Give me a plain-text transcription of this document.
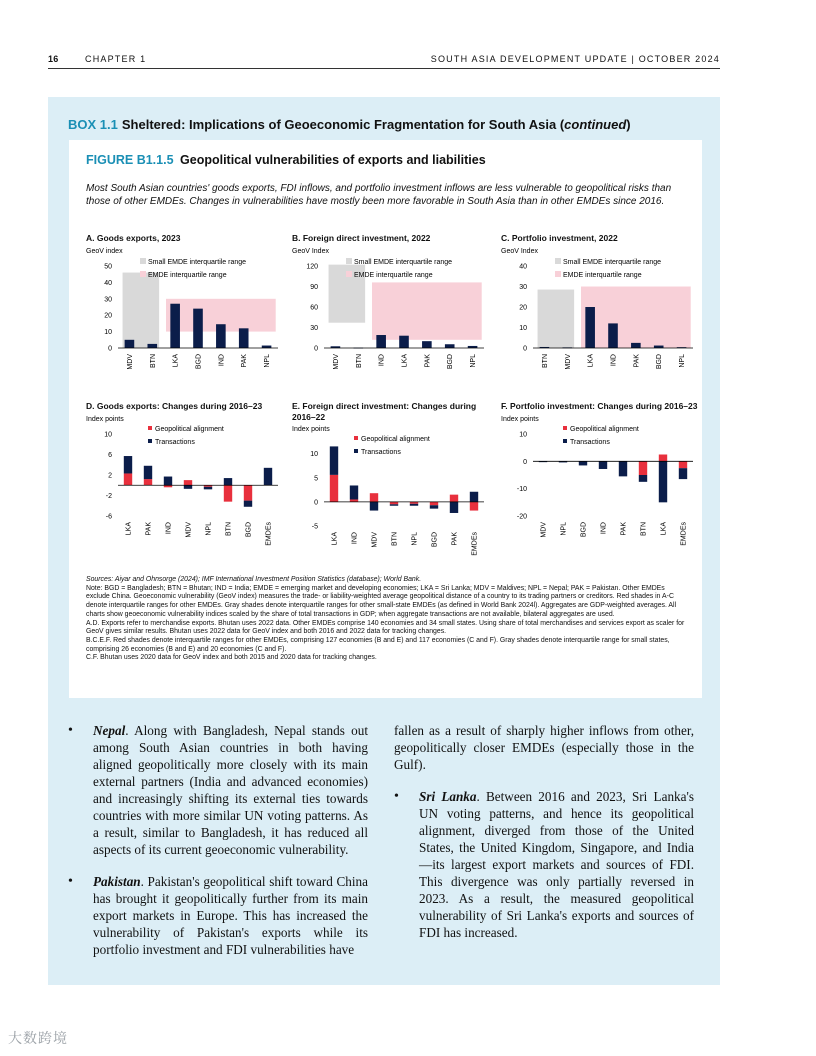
16	CHAPTER 1	SOUTH ASIA DEVELOPMENT UPDATE | OCTOBER 2024
BOX 1.1 Sheltered: Implications of Geoeconomic Fragmentation for South Asia (continued)
FIGURE B1.1.5 Geopolitical vulnerabilities of exports and liabilities
Most South Asian countries' goods exports, FDI inflows, and portfolio investment inflows are less vulnerable to geopolitical risks than those of other EMDEs. Changes in vulnerabilities have mostly been more favorable in South Asia than in other EMDEs since 2016.
A. Goods exports, 2023
GeoV index
0
10
20
30
40
50
Small EMDE interquartile range
EMDE interquartile range
MDV BTN LKA BGD IND PAK NPL
B. Foreign direct investment, 2022
GeoV Index
0
30
60
90
120
Small EMDE interquartile range
EMDE interquartile range
MDV BTN IND LKA PAK BGD NPL
C. Portfolio investment, 2022
GeoV Index
0
10
20
30
40
Small EMDE interquartile range
EMDE interquartile range
BTN MDV LKA IND PAK BGD NPL
D. Goods exports: Changes during 2016–23
Index points
-6
-2
2
6
10
Geopolitical alignment
Transactions
LKA PAK IND MDV NPL BTN BGD EMDEs
E. Foreign direct investment: Changes during 2016–22
Index points
-5
0
5
10
Geopolitical alignment
Transactions
LKA IND MDV BTN NPL BGD PAK EMDEs
F. Portfolio investment: Changes during 2016–23
Index points
-20
-10
0
10
Geopolitical alignment
Transactions
MDV NPL BGD IND PAK BTN LKA EMDEs

Sources: Aiyar and Ohnsorge (2024); IMF International Investment Position Statistics (database); World Bank.

Note: BGD = Bangladesh; BTN = Bhutan; IND = India; EMDE = emerging market and developing economies; LKA = Sri Lanka; MDV = Maldives; NPL = Nepal; PAK = Pakistan. Other EMDEs exclude China. Geoeconomic vulnerability (GeoV index) measures the trade- or liability-weighted average geopolitical distance of a country to its trading partners or creditors. Red shades in A-C denote interquartile ranges for other EMDEs. Gray shades denote interquartile ranges for other small-state EMDEs (as defined in World Bank 2024l). Aggregates are GDP-weighted averages. All charts show geoeconomic vulnerability indices scaled by the share of total transactions in GDP; when aggregate transactions are not available, bilateral aggregates are used.

A.D. Exports refer to merchandise exports. Bhutan uses 2022 data. Other EMDEs comprise 140 economies and 34 small states. Using share of total merchandises and services export as scaler for GeoV gives similar results. Bhutan uses 2022 data for GeoV index and both 2016 and 2022 data for tracking changes.

B.C.E.F. Red shades denote interquartile ranges for other EMDEs, comprising 127 economies (B and E) and 117 economies (C and F). Gray shades denote interquartile range for small states, comprising 26 economies (B and E) and 20 economies (C and F).

C.F. Bhutan uses 2020 data for GeoV index and both 2015 and 2020 data for tracking changes.

• Nepal. Along with Bangladesh, Nepal stands out among South Asian countries in both having aligned geopolitically more closely with its main external partners (India and advanced economies) and increasingly shifting its external ties towards countries with more similar UN voting patterns. As a result, similar to Bangladesh, it has reduced all aspects of its current geoeconomic vulnerability.
• Pakistan. Pakistan's geopolitical shift toward China has brought it geopolitically further from its main export markets in Europe. This has increased the vulnerability of Pakistan's exports while its portfolio investment and FDI vulnerabilities have

fallen as a result of sharply higher inflows from other, geopolitically closer EMDEs (especially those in the Gulf).

• Sri Lanka. Between 2016 and 2023, Sri Lanka's UN voting patterns, and hence its geopolitical alignment, diverged from those of the United States, the United Kingdom, Singapore, and India—its largest export markets and sources of FDI. This divergence was only partially reversed in 2023. As a result, the measured geopolitical vulnerability of Sri Lanka's exports and sources of FDI has increased.
大数跨境
